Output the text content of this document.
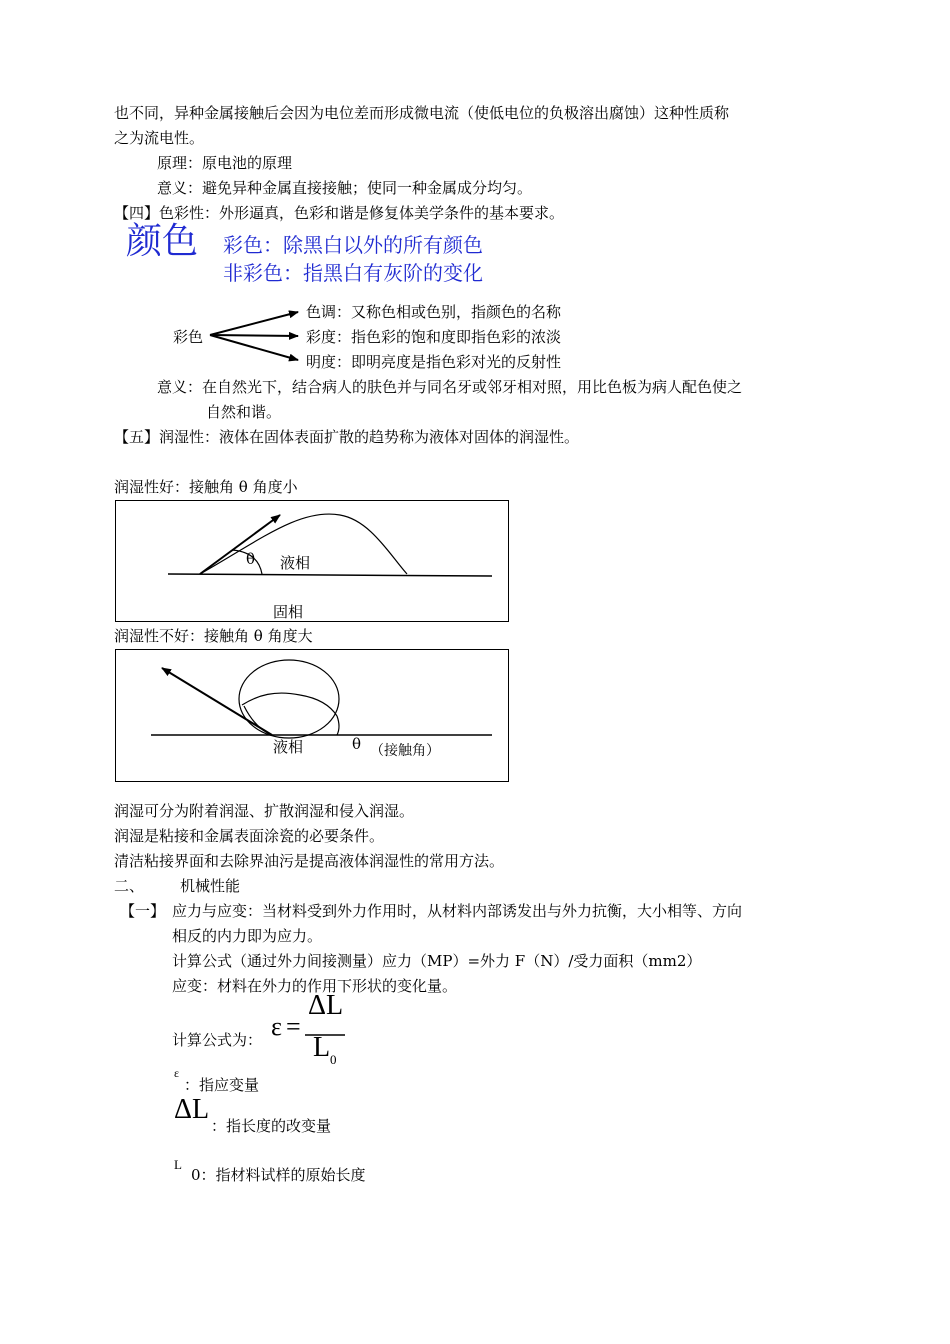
也不同，异种金属接触后会因为电位差而形成微电流（使低电位的负极溶出腐蚀）这种性质称
之为流电性。
原理：原电池的原理
意义：避免异种金属直接接触；使同一种金属成分均匀。
【四】色彩性：外形逼真，色彩和谐是修复体美学条件的基本要求。
颜色 彩色：除黑白以外的所有颜色
非彩色：指黑白有灰阶的变化
彩色
色调：又称色相或色别，指颜色的名称
彩度：指色彩的饱和度即指色彩的浓淡
明度：即明亮度是指色彩对光的反射性
意义：在自然光下，结合病人的肤色并与同名牙或邻牙相对照，用比色板为病人配色使之
自然和谐。
【五】润湿性：液体在固体表面扩散的趋势称为液体对固体的润湿性。
润湿性好：接触角 θ 角度小
θ 液相
固相
润湿性不好：接触角 θ 角度大
液相	θ （接触角）
润湿可分为附着润湿、扩散润湿和侵入润湿。
润湿是粘接和金属表面涂瓷的必要条件。
清洁粘接界面和去除界油污是提高液体润湿性的常用方法。
二、 机械性能
【一】 应力与应变：当材料受到外力作用时，从材料内部诱发出与外力抗衡，大小相等、方向
相反的内力即为应力。
计算公式（通过外力间接测量）应力（MP）=外力 F（N）/受力面积（mm2）
应变：材料在外力的作用下形状的变化量。
计算公式为： ε =
ΔL
L 0
ε
：指应变量
ΔL
：指长度的改变量
L
0：指材料试样的原始长度
